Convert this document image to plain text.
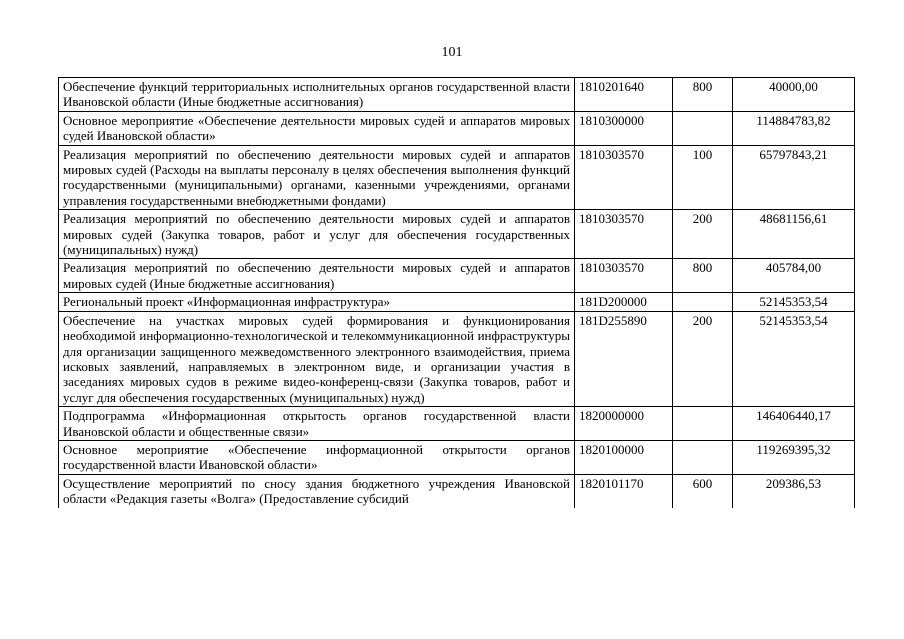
101
Обеспечение функций территориальных исполнительных органов государственной власти Ивановской области (Иные бюджетные ассигнования)	1810201640	800	40000,00
Основное мероприятие «Обеспечение деятельности мировых судей и аппаратов мировых судей Ивановской области»	1810300000		114884783,82
Реализация мероприятий по обеспечению деятельности мировых судей и аппаратов мировых судей (Расходы на выплаты персоналу в целях обеспечения выполнения функций государственными (муниципальными) органами, казенными учреждениями, органами управления государственными внебюджетными фондами)	1810303570	100	65797843,21
Реализация мероприятий по обеспечению деятельности мировых судей и аппаратов мировых судей (Закупка товаров, работ и услуг для обеспечения государственных (муниципальных) нужд)	1810303570	200	48681156,61
Реализация мероприятий по обеспечению деятельности мировых судей и аппаратов мировых судей (Иные бюджетные ассигнования)	1810303570	800	405784,00
Региональный проект «Информационная инфраструктура»	181D200000		52145353,54
Обеспечение на участках мировых судей формирования и функционирования необходимой информационно-технологической и телекоммуникационной инфраструктуры для организации защищенного межведомственного электронного взаимодействия, приема исковых заявлений, направляемых в электронном виде, и организации участия в заседаниях мировых судов в режиме видео-конференц-связи (Закупка товаров, работ и услуг для обеспечения государственных (муниципальных) нужд)	181D255890	200	52145353,54
Подпрограмма «Информационная открытость органов государственной власти Ивановской области и общественные связи»	1820000000		146406440,17
Основное мероприятие «Обеспечение информационной открытости органов государственной власти Ивановской области»	1820100000		119269395,32
Осуществление мероприятий по сносу здания бюджетного учреждения Ивановской области «Редакция газеты «Волга» (Предоставление субсидий	1820101170	600	209386,53
